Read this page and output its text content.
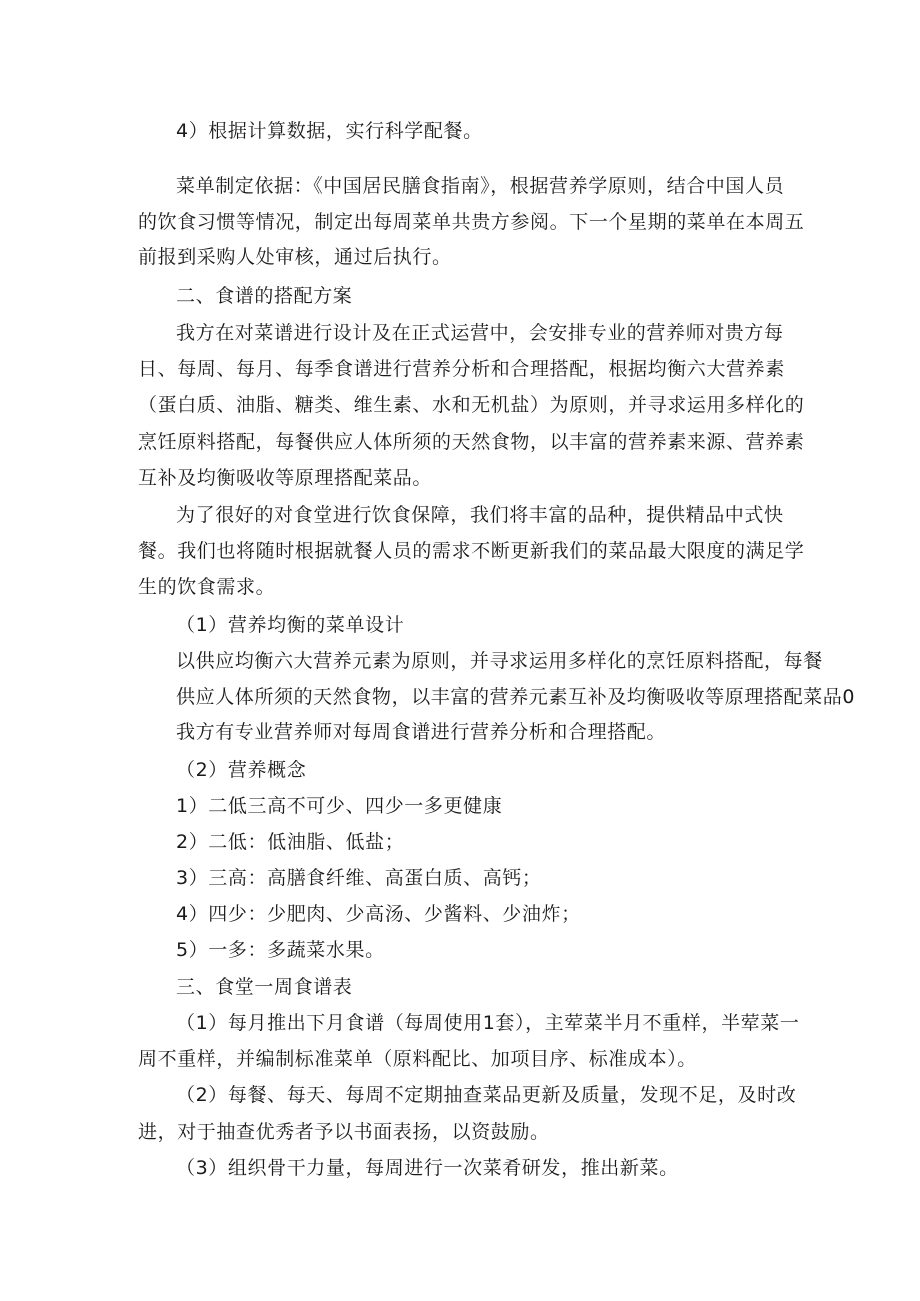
4）根据计算数据，实行科学配餐。

菜单制定依据：《中国居民膳食指南》，根据营养学原则，结合中国人员

的饮食习惯等情况，制定出每周菜单共贵方参阅。下一个星期的菜单在本周五

前报到采购人处审核，通过后执行。

二、食谱的搭配方案

我方在对菜谱进行设计及在正式运营中，会安排专业的营养师对贵方每

日、每周、每月、每季食谱进行营养分析和合理搭配，根据均衡六大营养素

（蛋白质、油脂、糖类、维生素、水和无机盐）为原则，并寻求运用多样化的

烹饪原料搭配，每餐供应人体所须的天然食物，以丰富的营养素来源、营养素

互补及均衡吸收等原理搭配菜品。

为了很好的对食堂进行饮食保障，我们将丰富的品种，提供精品中式快

餐。我们也将随时根据就餐人员的需求不断更新我们的菜品最大限度的满足学

生的饮食需求。

（1）营养均衡的菜单设计

以供应均衡六大营养元素为原则，并寻求运用多样化的烹饪原料搭配，每餐

供应人体所须的天然食物，以丰富的营养元素互补及均衡吸收等原理搭配菜品0

我方有专业营养师对每周食谱进行营养分析和合理搭配。

（2）营养概念

1）二低三高不可少、四少一多更健康

2）二低：低油脂、低盐；

3）三高：高膳食纤维、高蛋白质、高钙；

4）四少：少肥肉、少高汤、少酱料、少油炸；

5）一多：多蔬菜水果。

三、食堂一周食谱表

（1）每月推出下月食谱（每周使用1套），主荤菜半月不重样，半荤菜一

周不重样，并编制标准菜单（原料配比、加项目序、标准成本）。

（2）每餐、每天、每周不定期抽查菜品更新及质量，发现不足，及时改

进，对于抽查优秀者予以书面表扬，以资鼓励。

（3）组织骨干力量，每周进行一次菜肴研发，推出新菜。
